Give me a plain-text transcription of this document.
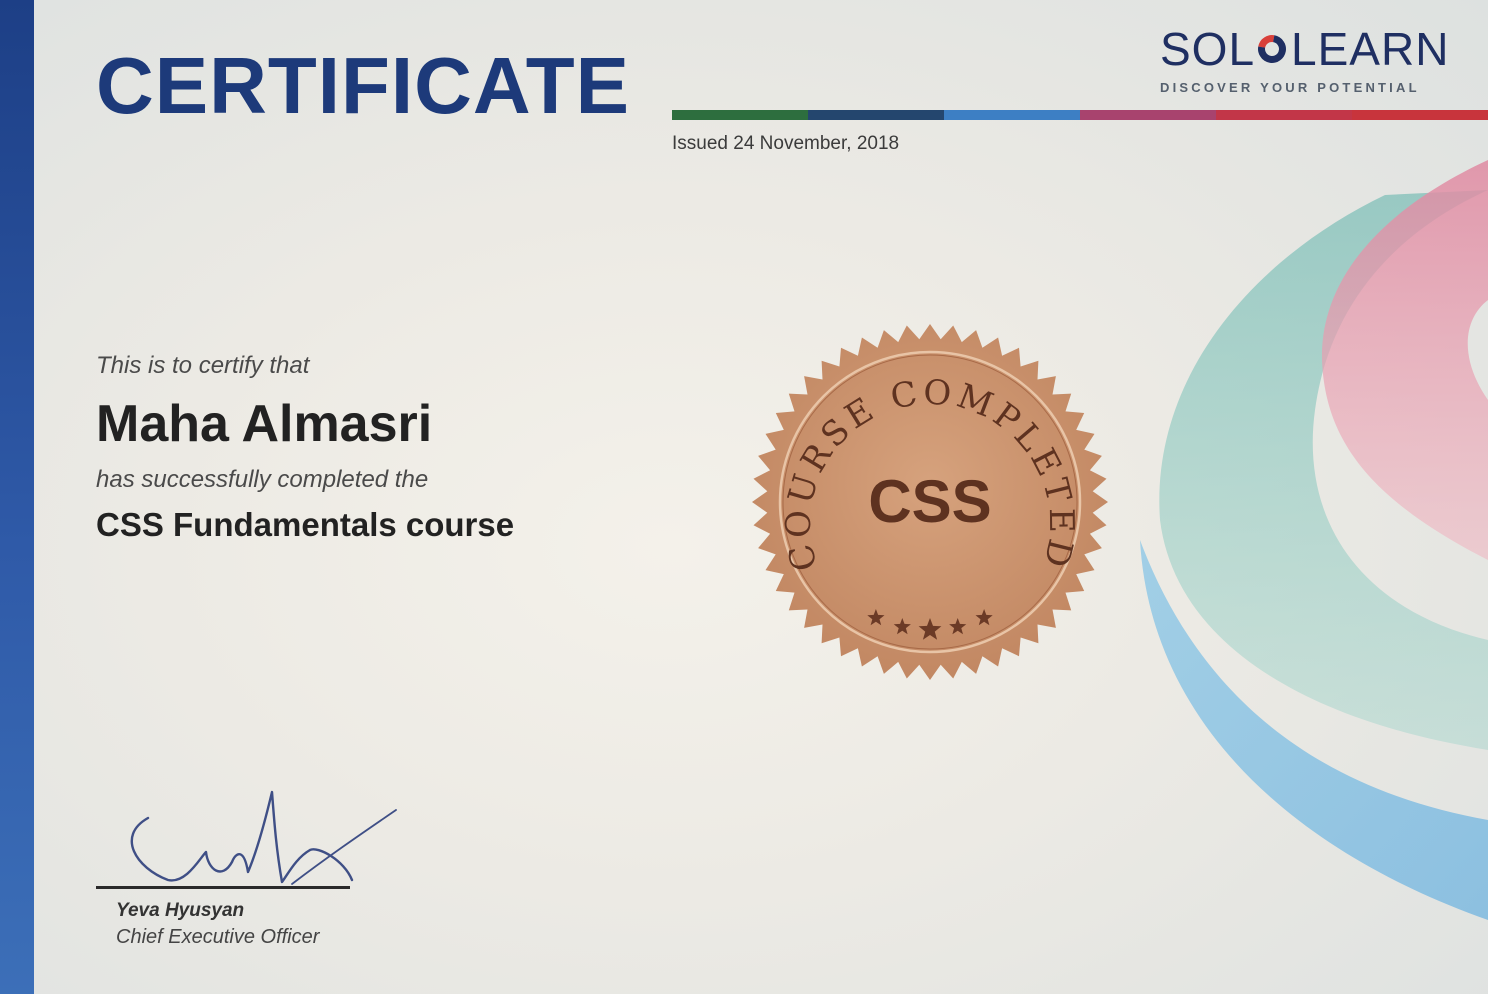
CERTIFICATE
Issued 24 November, 2018
SOL LEARN
DISCOVER YOUR POTENTIAL
This is to certify that
Maha Almasri
has successfully completed the
CSS Fundamentals course
COURSE COMPLETED
CSS
Yeva Hyusyan
Chief Executive Officer
